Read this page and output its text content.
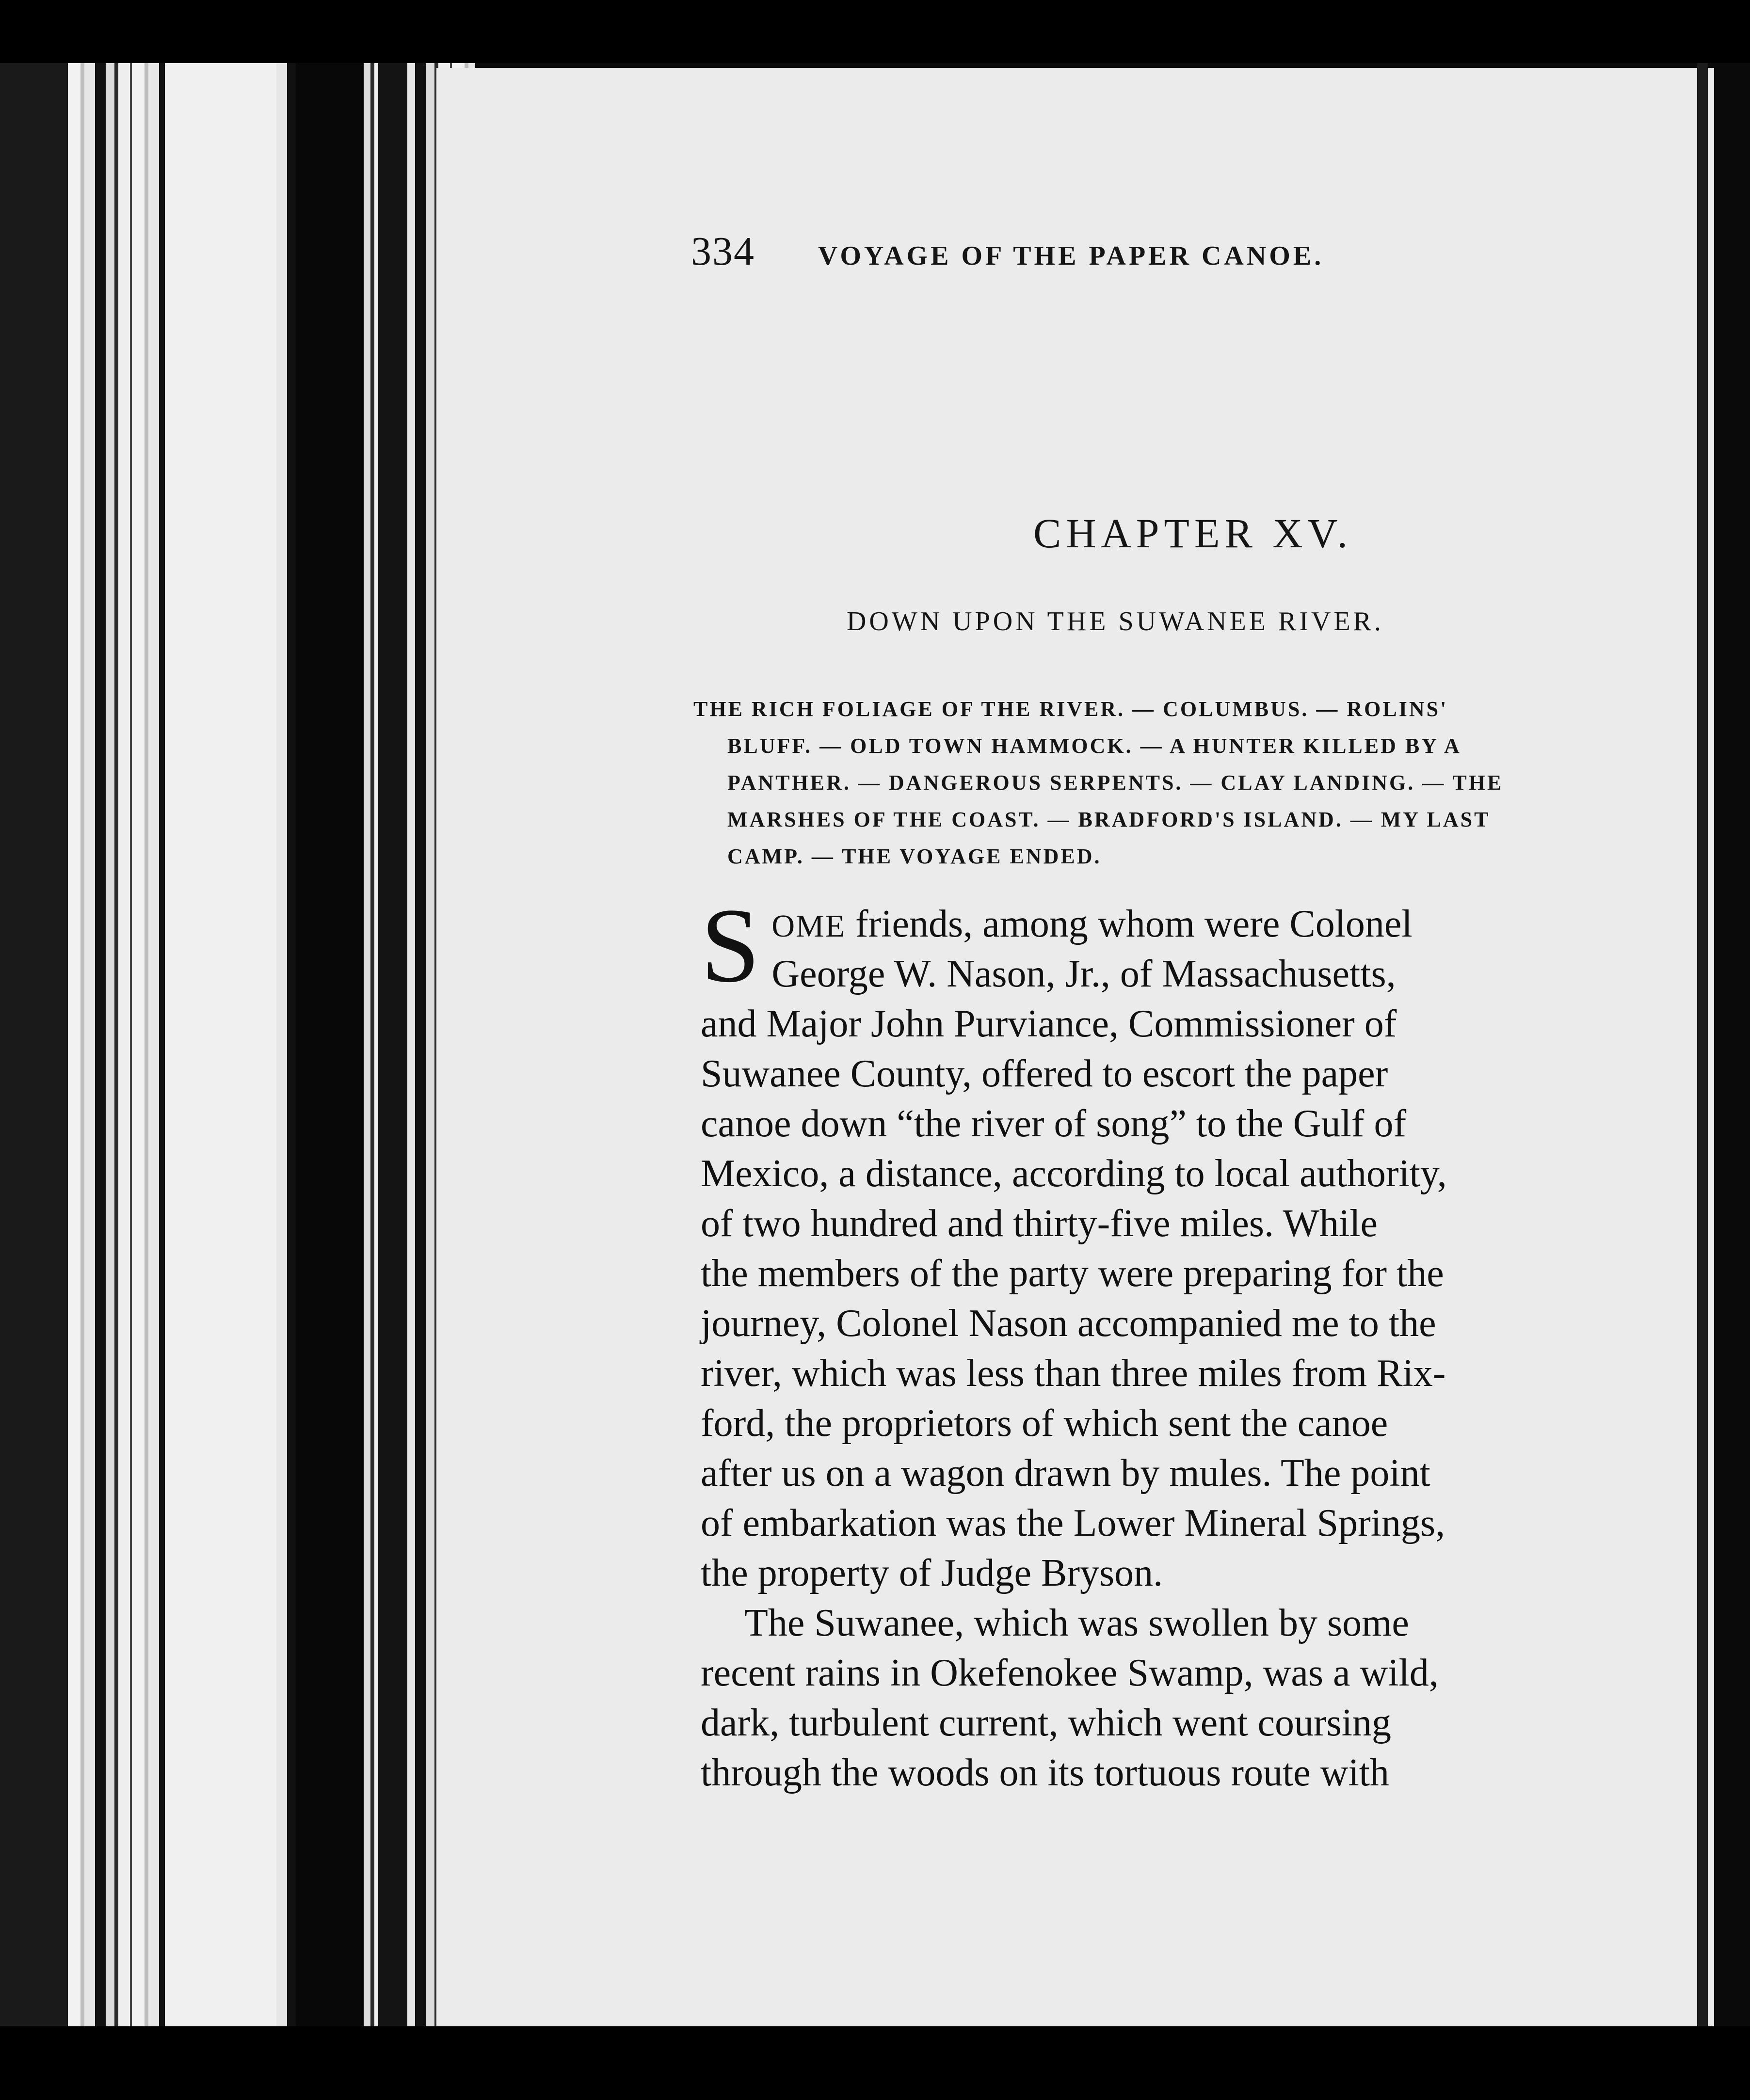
334 VOYAGE OF THE PAPER CANOE.
CHAPTER XV.
DOWN UPON THE SUWANEE RIVER.
THE RICH FOLIAGE OF THE RIVER. — COLUMBUS. — ROLINS'
BLUFF. — OLD TOWN HAMMOCK. — A HUNTER KILLED BY A
PANTHER. — DANGEROUS SERPENTS. — CLAY LANDING. — THE
MARSHES OF THE COAST. — BRADFORD'S ISLAND. — MY LAST
CAMP. — THE VOYAGE ENDED.
S OME friends, among whom were Colonel
George W. Nason, Jr., of Massachusetts,
and Major John Purviance, Commissioner of
Suwanee County, offered to escort the paper
canoe down “the river of song” to the Gulf of
Mexico, a distance, according to local authority,
of two hundred and thirty-five miles. While
the members of the party were preparing for the
journey, Colonel Nason accompanied me to the
river, which was less than three miles from Rix-
ford, the proprietors of which sent the canoe
after us on a wagon drawn by mules. The point
of embarkation was the Lower Mineral Springs,
the property of Judge Bryson.
The Suwanee, which was swollen by some
recent rains in Okefenokee Swamp, was a wild,
dark, turbulent current, which went coursing
through the woods on its tortuous route with
